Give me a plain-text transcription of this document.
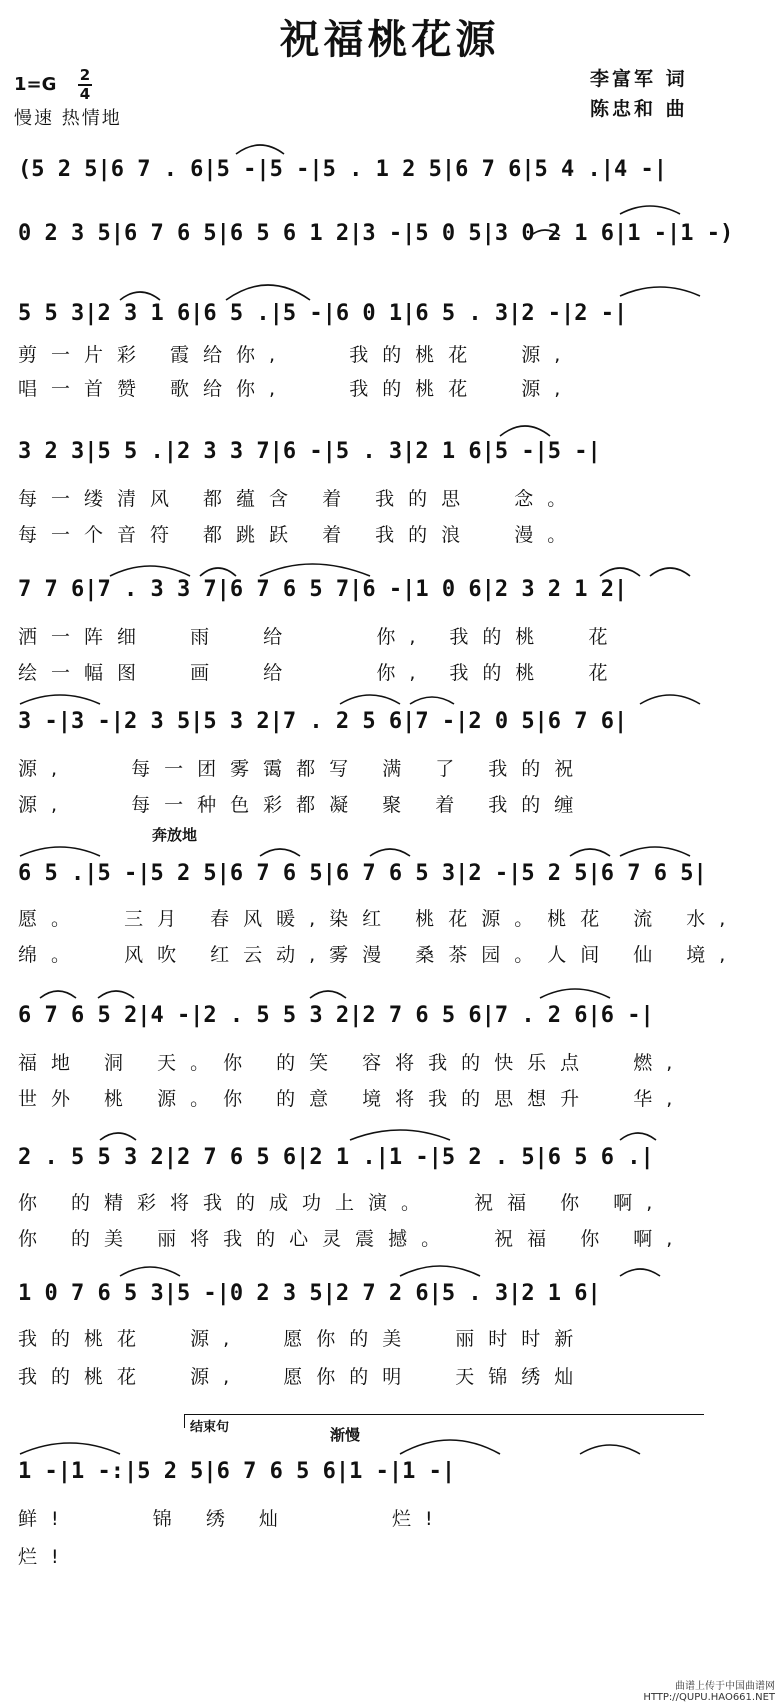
祝福桃花源
1=G 2
4
慢速 热情地
李富军 词
陈忠和 曲
奔放地
结束句	渐慢
(5 2 5|6 7 . 6|5 -|5 -|5 . 1 2 5|6 7 6|5 4 .|4 -|
0 2 3 5|6 7 6 5|6 5 6 1 2|3 -|5 0 5|3 0 2 1 6|1 -|1 -)
5 5 3|2 3 1 6|6 5 .|5 -|6 0 1|6 5 . 3|2 -|2 -|
剪一片彩 霞给你,   我的桃花  源,
唱一首赞 歌给你,   我的桃花  源,
3 2 3|5 5 .|2 3 3 7|6 -|5 . 3|2 1 6|5 -|5 -|
每一缕清风 都蕴含 着 我的思  念。
每一个音符 都跳跃 着 我的浪  漫。
7 7 6|7 . 3 3 7|6 7 6 5 7|6 -|1 0 6|2 3 2 1 2|
洒一阵细  雨  给    你, 我的桃  花
绘一幅图  画  给    你, 我的桃  花
3 -|3 -|2 3 5|5 3 2|7 . 2 5 6|7 -|2 0 5|6 7 6|
源,   每一团雾霭都写 满 了 我的祝
源,   每一种色彩都凝 聚 着 我的缠
6 5 .|5 -|5 2 5|6 7 6 5|6 7 6 5 3|2 -|5 2 5|6 7 6 5|
愿。  三月 春风暖,染红 桃花源。桃花 流 水,
绵。  风吹 红云动,雾漫 桑茶园。人间 仙 境,
6 7 6 5 2|4 -|2 . 5 5 3 2|2 7 6 5 6|7 . 2 6|6 -|
福地 洞 天。你 的笑 容将我的快乐点  燃,
世外 桃 源。你 的意 境将我的思想升  华,
2 . 5 5 3 2|2 7 6 5 6|2 1 .|1 -|5 2 . 5|6 5 6 .|
你 的精彩将我的成功上演。  祝福 你 啊,
你 的美 丽将我的心灵震撼。  祝福 你 啊,
1 0 7 6 5 3|5 -|0 2 3 5|2 7 2 6|5 . 3|2 1 6|
我的桃花  源,  愿你的美  丽时时新
我的桃花  源,  愿你的明  天锦绣灿
1 -|1 -:|5 2 5|6 7 6 5 6|1 -|1 -|
鲜!    锦 绣 灿     烂!
烂!
曲谱上传于中国曲谱网
HTTP://QUPU.HAO661.NET
